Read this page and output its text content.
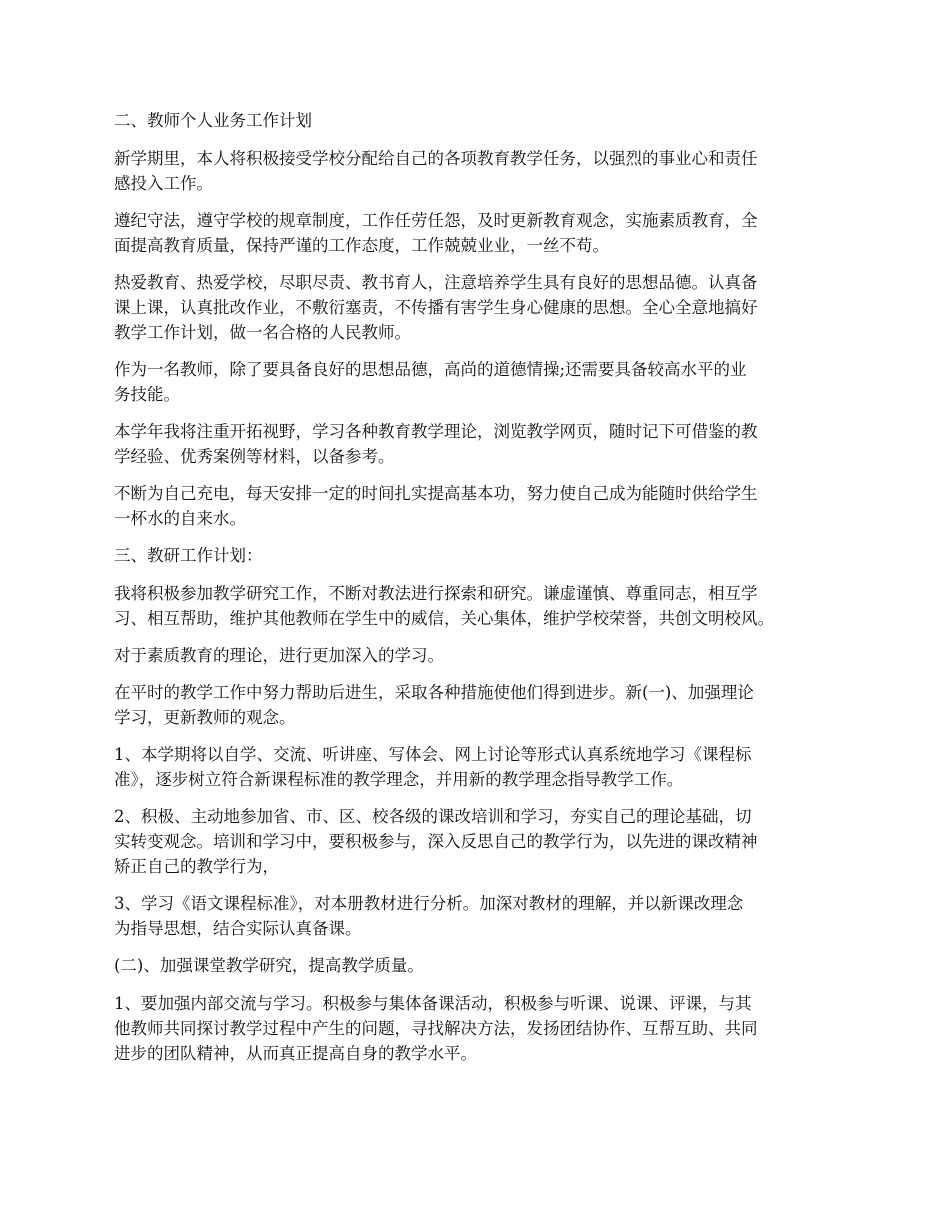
二、教师个人业务工作计划

新学期里，本人将积极接受学校分配给自己的各项教育教学任务，以强烈的事业心和责任
感投入工作。

遵纪守法，遵守学校的规章制度，工作任劳任怨，及时更新教育观念，实施素质教育，全
面提高教育质量，保持严谨的工作态度，工作兢兢业业，一丝不苟。

热爱教育、热爱学校，尽职尽责、教书育人，注意培养学生具有良好的思想品德。认真备
课上课，认真批改作业，不敷衍塞责，不传播有害学生身心健康的思想。全心全意地搞好
教学工作计划，做一名合格的人民教师。

作为一名教师，除了要具备良好的思想品德，高尚的道德情操;还需要具备较高水平的业
务技能。

本学年我将注重开拓视野，学习各种教育教学理论，浏览教学网页，随时记下可借鉴的教
学经验、优秀案例等材料，以备参考。

不断为自己充电，每天安排一定的时间扎实提高基本功，努力使自己成为能随时供给学生
一杯水的自来水。

三、教研工作计划：

我将积极参加教学研究工作，不断对教法进行探索和研究。谦虚谨慎、尊重同志，相互学
习、相互帮助，维护其他教师在学生中的威信，关心集体，维护学校荣誉，共创文明校风。

对于素质教育的理论，进行更加深入的学习。

在平时的教学工作中努力帮助后进生，采取各种措施使他们得到进步。新(一)、加强理论
学习，更新教师的观念。

1、本学期将以自学、交流、听讲座、写体会、网上讨论等形式认真系统地学习《课程标
准》，逐步树立符合新课程标准的教学理念，并用新的教学理念指导教学工作。

2、积极、主动地参加省、市、区、校各级的课改培训和学习，夯实自己的理论基础，切
实转变观念。培训和学习中，要积极参与，深入反思自己的教学行为，以先进的课改精神
矫正自己的教学行为，

3、学习《语文课程标准》，对本册教材进行分析。加深对教材的理解，并以新课改理念
为指导思想，结合实际认真备课。

(二)、加强课堂教学研究，提高教学质量。

1、要加强内部交流与学习。积极参与集体备课活动，积极参与听课、说课、评课，与其
他教师共同探讨教学过程中产生的问题，寻找解决方法，发扬团结协作、互帮互助、共同
进步的团队精神，从而真正提高自身的教学水平。
